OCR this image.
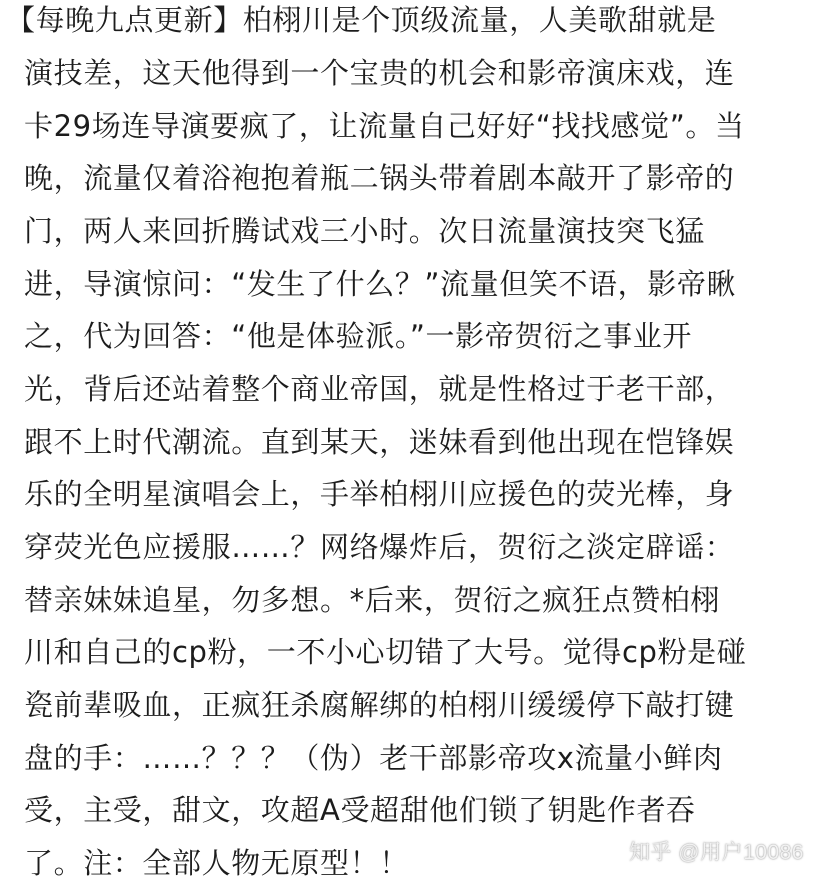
【每晚九点更新】柏栩川是个顶级流量，人美歌甜就是
演技差，这天他得到一个宝贵的机会和影帝演床戏，连
卡29场连导演要疯了，让流量自己好好“找找感觉”。当
晚，流量仅着浴袍抱着瓶二锅头带着剧本敲开了影帝的
门，两人来回折腾试戏三小时。次日流量演技突飞猛
进，导演惊问：“发生了什么？”流量但笑不语，影帝瞅
之，代为回答：“他是体验派。”一影帝贺衍之事业开
光，背后还站着整个商业帝国，就是性格过于老干部，
跟不上时代潮流。直到某天，迷妹看到他出现在恺锋娱
乐的全明星演唱会上，手举柏栩川应援色的荧光棒，身
穿荧光色应援服……？网络爆炸后，贺衍之淡定辟谣：
替亲妹妹追星，勿多想。*后来，贺衍之疯狂点赞柏栩
川和自己的cp粉，一不小心切错了大号。觉得cp粉是碰
瓷前辈吸血，正疯狂杀腐解绑的柏栩川缓缓停下敲打键
盘的手：……？？？（伪）老干部影帝攻x流量小鲜肉
受，主受，甜文，攻超A受超甜他们锁了钥匙作者吞
了。注：全部人物无原型！！	知乎 @用户10086
